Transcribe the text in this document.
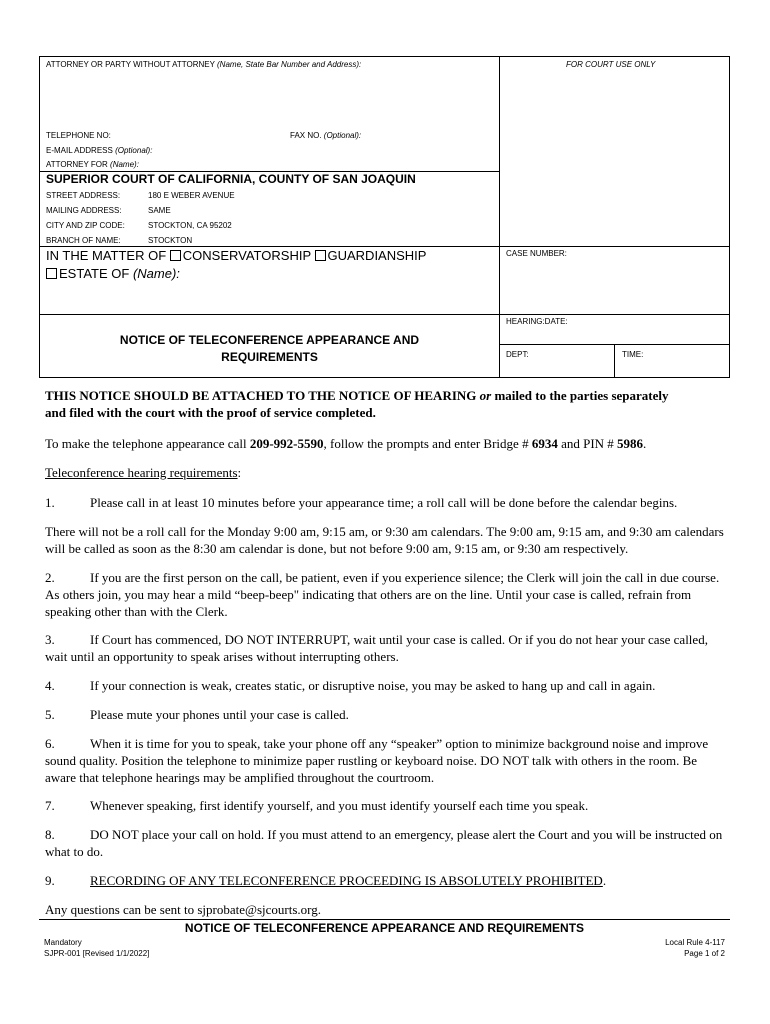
ATTORNEY OR PARTY WITHOUT ATTORNEY (Name, State Bar Number and Address):	FOR COURT USE ONLY
TELEPHONE NO:	FAX NO. (Optional):
E-MAIL ADDRESS (Optional):
ATTORNEY FOR (Name):
SUPERIOR COURT OF CALIFORNIA, COUNTY OF SAN JOAQUIN
STREET ADDRESS:	180 E WEBER AVENUE
MAILING ADDRESS:	SAME
CITY AND ZIP CODE:	STOCKTON, CA 95202
BRANCH OF NAME:	STOCKTON
IN THE MATTER OF CONSERVATORSHIP GUARDIANSHIP
ESTATE OF (Name):
CASE NUMBER:
NOTICE OF TELECONFERENCE APPEARANCE AND
REQUIREMENTS
HEARING:DATE:
DEPT:	TIME:
THIS NOTICE SHOULD BE ATTACHED TO THE NOTICE OF HEARING or mailed to the parties separately
and filed with the court with the proof of service completed.
To make the telephone appearance call 209-992-5590, follow the prompts and enter Bridge # 6934 and PIN # 5986.
Teleconference hearing requirements:
1.	Please call in at least 10 minutes before your appearance time; a roll call will be done before the calendar begins.
There will not be a roll call for the Monday 9:00 am, 9:15 am, or 9:30 am calendars. The 9:00 am, 9:15 am, and 9:30 am calendars will be called as soon as the 8:30 am calendar is done, but not before 9:00 am, 9:15 am, or 9:30 am respectively.
2.	If you are the first person on the call, be patient, even if you experience silence; the Clerk will join the call in due course. As others join, you may hear a mild “beep-beep" indicating that others are on the line. Until your case is called, refrain from speaking other than with the Clerk.
3.	If Court has commenced, DO NOT INTERRUPT, wait until your case is called. Or if you do not hear your case called, wait until an opportunity to speak arises without interrupting others.
4.	If your connection is weak, creates static, or disruptive noise, you may be asked to hang up and call in again.
5.	Please mute your phones until your case is called.
6.	When it is time for you to speak, take your phone off any “speaker” option to minimize background noise and improve sound quality. Position the telephone to minimize paper rustling or keyboard noise. DO NOT talk with others in the room. Be aware that telephone hearings may be amplified throughout the courtroom.
7.	Whenever speaking, first identify yourself, and you must identify yourself each time you speak.
8.	DO NOT place your call on hold. If you must attend to an emergency, please alert the Court and you will be instructed on what to do.
9.	RECORDING OF ANY TELECONFERENCE PROCEEDING IS ABSOLUTELY PROHIBITED.
Any questions can be sent to sjprobate@sjcourts.org.
NOTICE OF TELECONFERENCE APPEARANCE AND REQUIREMENTS
Mandatory
SJPR-001 [Revised 1/1/2022]
Local Rule 4-117
Page 1 of 2
